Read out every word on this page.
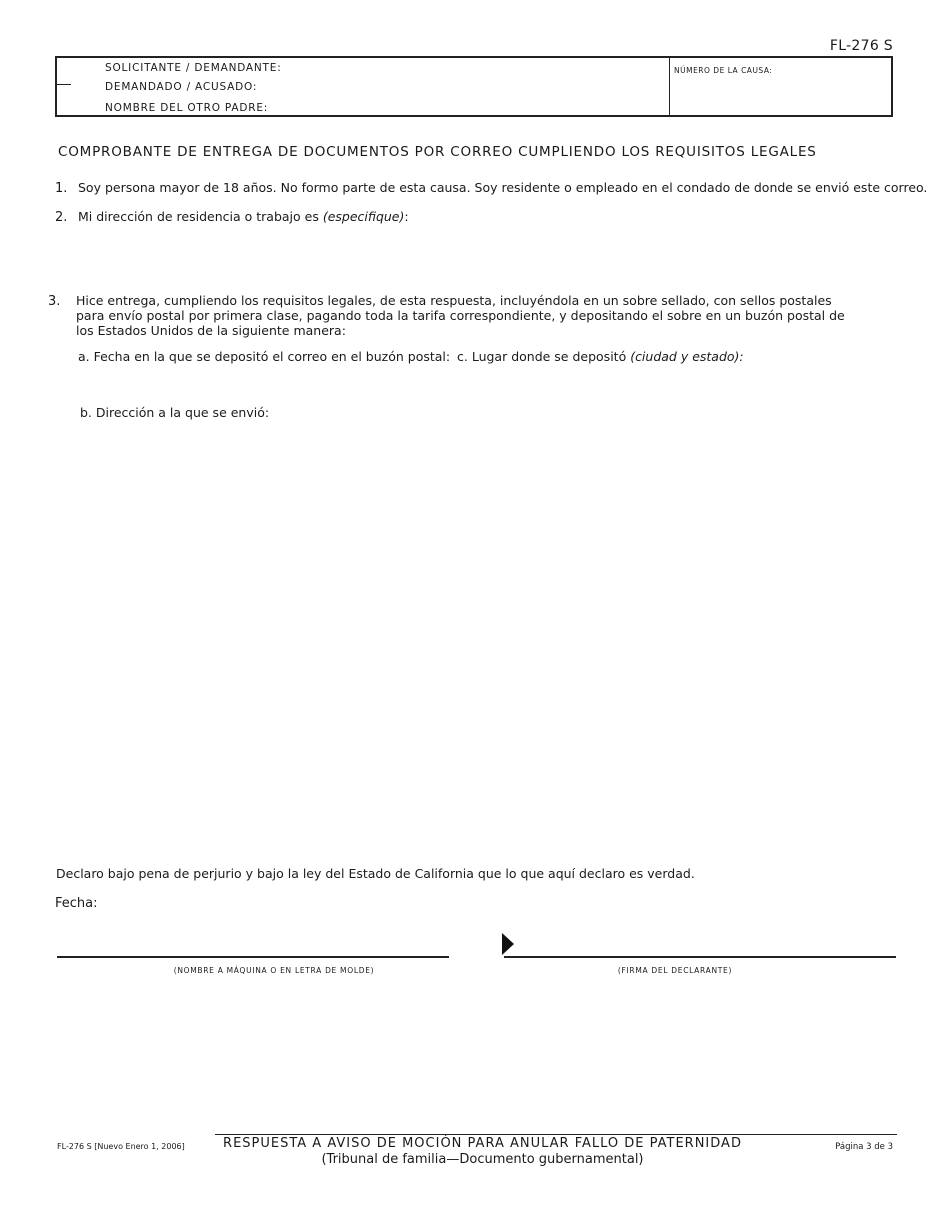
FL-276 S
SOLICITANTE / DEMANDANTE:
DEMANDADO / ACUSADO:
NOMBRE DEL OTRO PADRE:
NÚMERO DE LA CAUSA:
COMPROBANTE DE ENTREGA DE DOCUMENTOS POR CORREO CUMPLIENDO LOS REQUISITOS LEGALES
1. Soy persona mayor de 18 años. No formo parte de esta causa. Soy residente o empleado en el condado de donde se envió este correo.
2. Mi dirección de residencia o trabajo es (especifique):
3. Hice entrega, cumpliendo los requisitos legales, de esta respuesta, incluyéndola en un sobre sellado, con sellos postales para envío postal por primera clase, pagando toda la tarifa correspondiente, y depositando el sobre en un buzón postal de los Estados Unidos de la siguiente manera:
a. Fecha en la que se depositó el correo en el buzón postal: c. Lugar donde se depositó (ciudad y estado):
b. Dirección a la que se envió:
Declaro bajo pena de perjurio y bajo la ley del Estado de California que lo que aquí declaro es verdad.
Fecha:
(NOMBRE A MÁQUINA O EN LETRA DE MOLDE)	(FIRMA DEL DECLARANTE)
FL-276 S [Nuevo Enero 1, 2006]	RESPUESTA A AVISO DE MOCIÓN PARA ANULAR FALLO DE PATERNIDAD
(Tribunal de familia—Documento gubernamental)
Página 3 de 3
